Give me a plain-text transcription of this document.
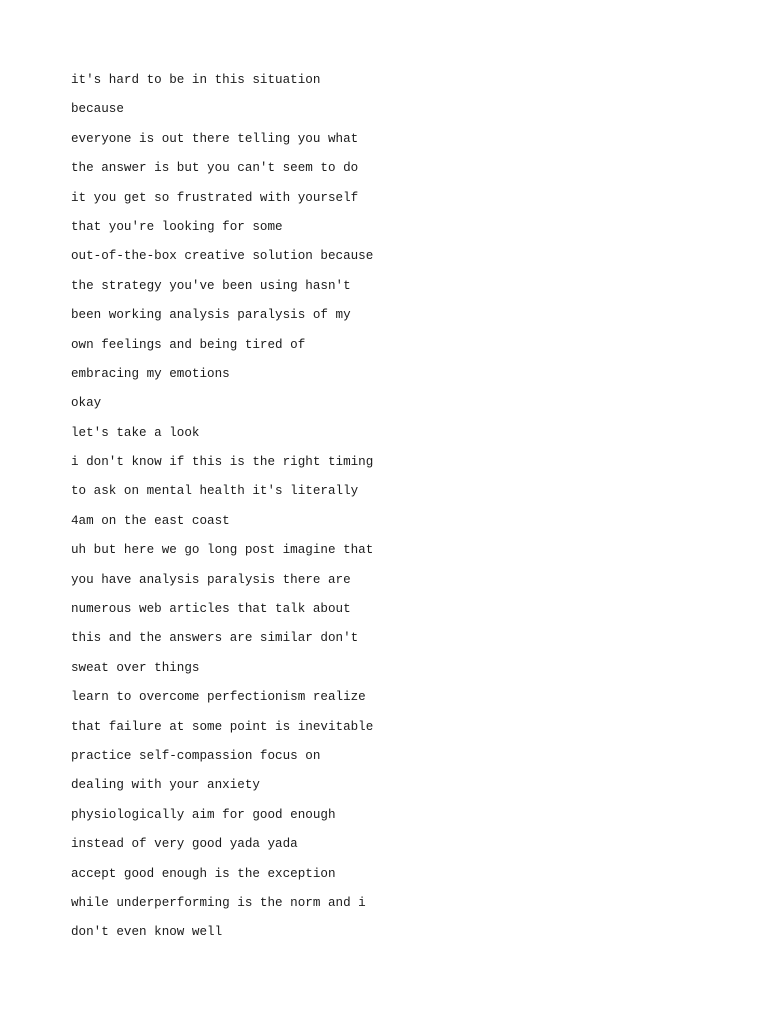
it's hard to be in this situation
because
everyone is out there telling you what
the answer is but you can't seem to do
it you get so frustrated with yourself
that you're looking for some
out-of-the-box creative solution because
the strategy you've been using hasn't
been working analysis paralysis of my
own feelings and being tired of
embracing my emotions
okay
let's take a look
i don't know if this is the right timing
to ask on mental health it's literally
4am on the east coast
uh but here we go long post imagine that
you have analysis paralysis there are
numerous web articles that talk about
this and the answers are similar don't
sweat over things
learn to overcome perfectionism realize
that failure at some point is inevitable
practice self-compassion focus on
dealing with your anxiety
physiologically aim for good enough
instead of very good yada yada
accept good enough is the exception
while underperforming is the norm and i
don't even know well
